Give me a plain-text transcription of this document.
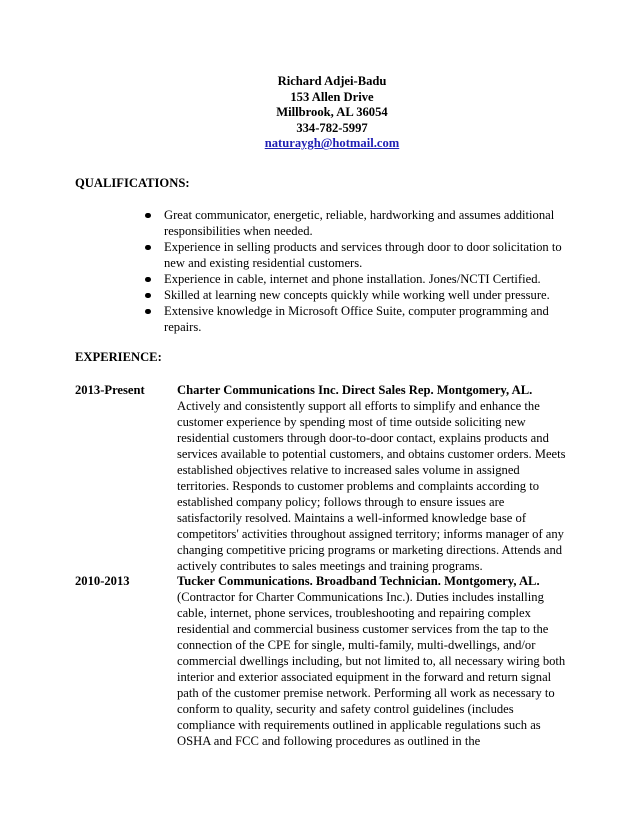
Richard Adjei-Badu
153 Allen Drive
Millbrook, AL 36054
334-782-5997
naturaygh@hotmail.com
QUALIFICATIONS:
Great communicator, energetic, reliable, hardworking and assumes additional responsibilities when needed.
Experience in selling products and services through door to door solicitation to new and existing residential customers.
Experience in cable, internet and phone installation. Jones/NCTI Certified.
Skilled at learning new concepts quickly while working well under pressure.
Extensive knowledge in Microsoft Office Suite, computer programming and repairs.
EXPERIENCE:
2013-Present	Charter Communications Inc. Direct Sales Rep. Montgomery, AL.
Actively and consistently support all efforts to simplify and enhance the customer experience by spending most of time outside soliciting new residential customers through door-to-door contact, explains products and services available to potential customers, and obtains customer orders. Meets established objectives relative to increased sales volume in assigned territories. Responds to customer problems and complaints according to established company policy; follows through to ensure issues are satisfactorily resolved. Maintains a well-informed knowledge base of competitors' activities throughout assigned territory; informs manager of any changing competitive pricing programs or marketing directions. Attends and actively contributes to sales meetings and training programs.
2010-2013	Tucker Communications. Broadband Technician. Montgomery, AL.
(Contractor for Charter Communications Inc.). Duties includes installing cable, internet, phone services, troubleshooting and repairing complex residential and commercial business customer services from the tap to the connection of the CPE for single, multi-family, multi-dwellings, and/or commercial dwellings including, but not limited to, all necessary wiring both interior and exterior associated equipment in the forward and return signal path of the customer premise network. Performing all work as necessary to conform to quality, security and safety control guidelines (includes compliance with requirements outlined in applicable regulations such as OSHA and FCC and following procedures as outlined in the
